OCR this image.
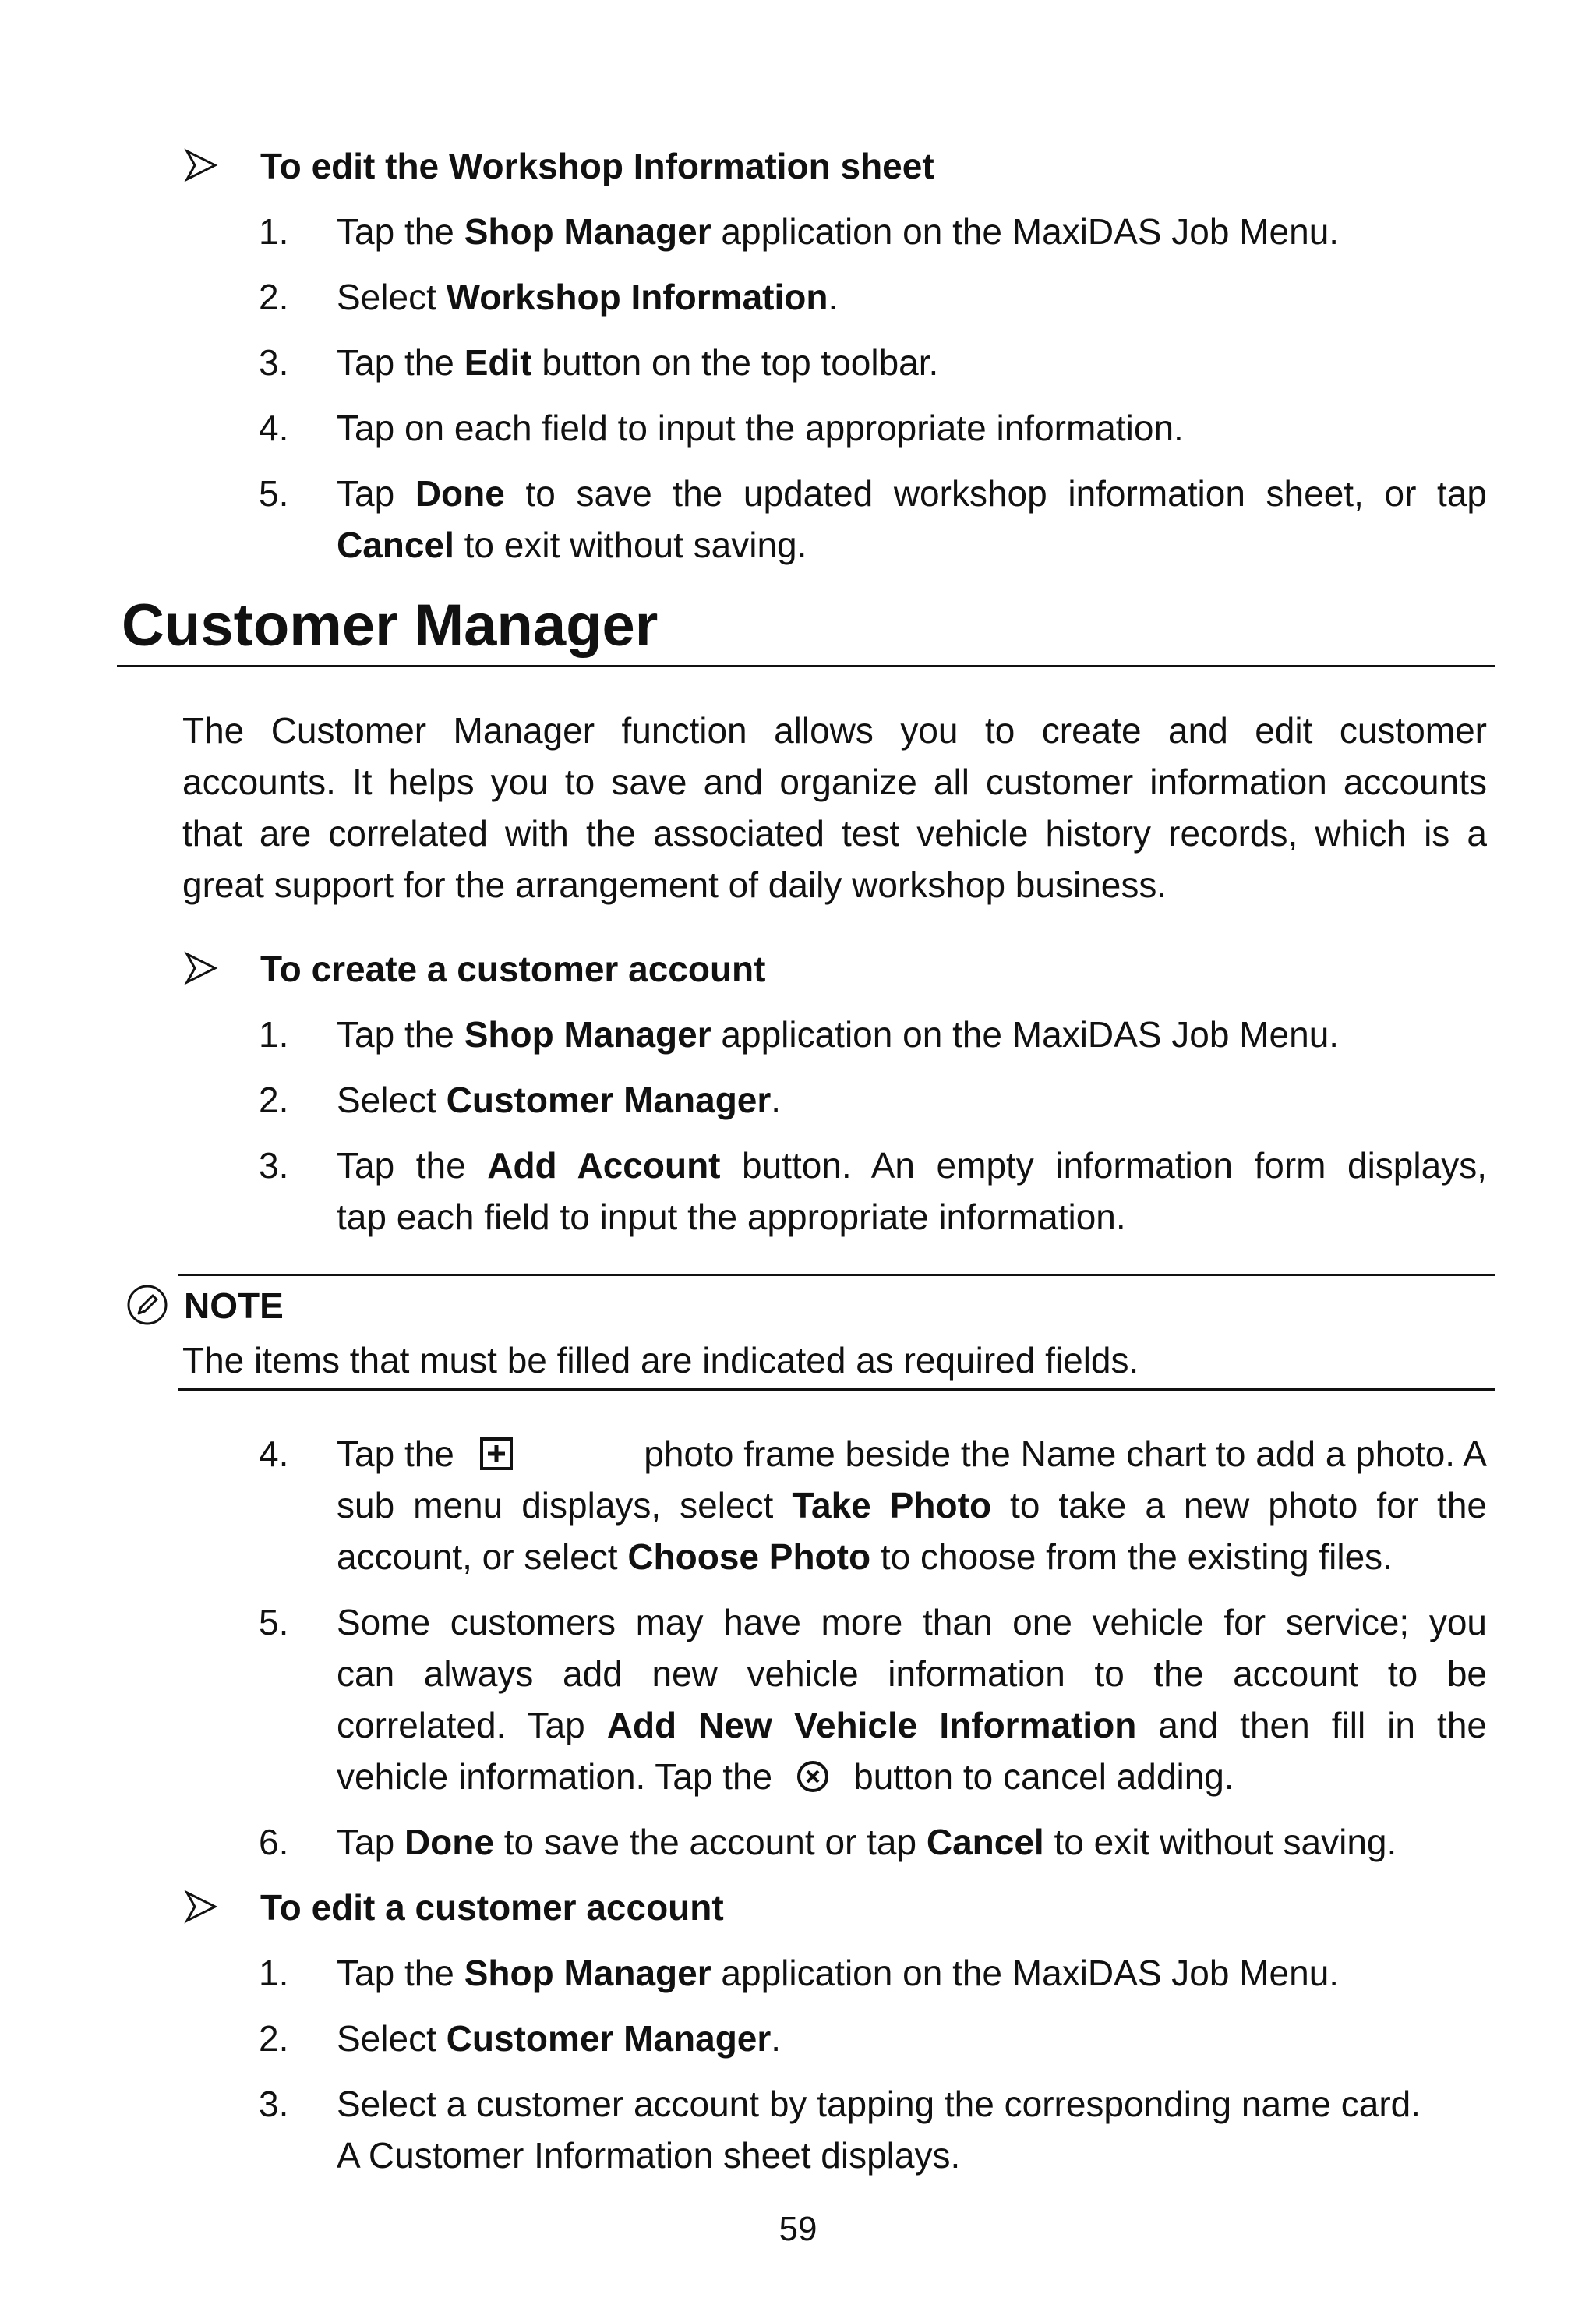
To edit the Workshop Information sheet
1. Tap the Shop Manager application on the MaxiDAS Job Menu.
2. Select Workshop Information.
3. Tap the Edit button on the top toolbar.
4. Tap on each field to input the appropriate information.
5. Tap Done to save the updated workshop information sheet, or tap
Cancel to exit without saving.
Customer Manager
The Customer Manager function allows you to create and edit customer
accounts. It helps you to save and organize all customer information accounts
that are correlated with the associated test vehicle history records, which is a
great support for the arrangement of daily workshop business.
To create a customer account
1. Tap the Shop Manager application on the MaxiDAS Job Menu.
2. Select Customer Manager.
3. Tap the Add Account button. An empty information form displays,
tap each field to input the appropriate information.
NOTE
The items that must be filled are indicated as required fields.
4. Tap the	photo frame beside the Name chart to add a photo. A
sub menu displays, select Take Photo to take a new photo for the
account, or select Choose Photo to choose from the existing files.
5. Some customers may have more than one vehicle for service; you
can always add new vehicle information to the account to be
correlated. Tap Add New Vehicle Information and then fill in the
vehicle information. Tap the button to cancel adding.
6. Tap Done to save the account or tap Cancel to exit without saving.
To edit a customer account
1. Tap the Shop Manager application on the MaxiDAS Job Menu.
2. Select Customer Manager.
3. Select a customer account by tapping the corresponding name card.
A Customer Information sheet displays.
59
